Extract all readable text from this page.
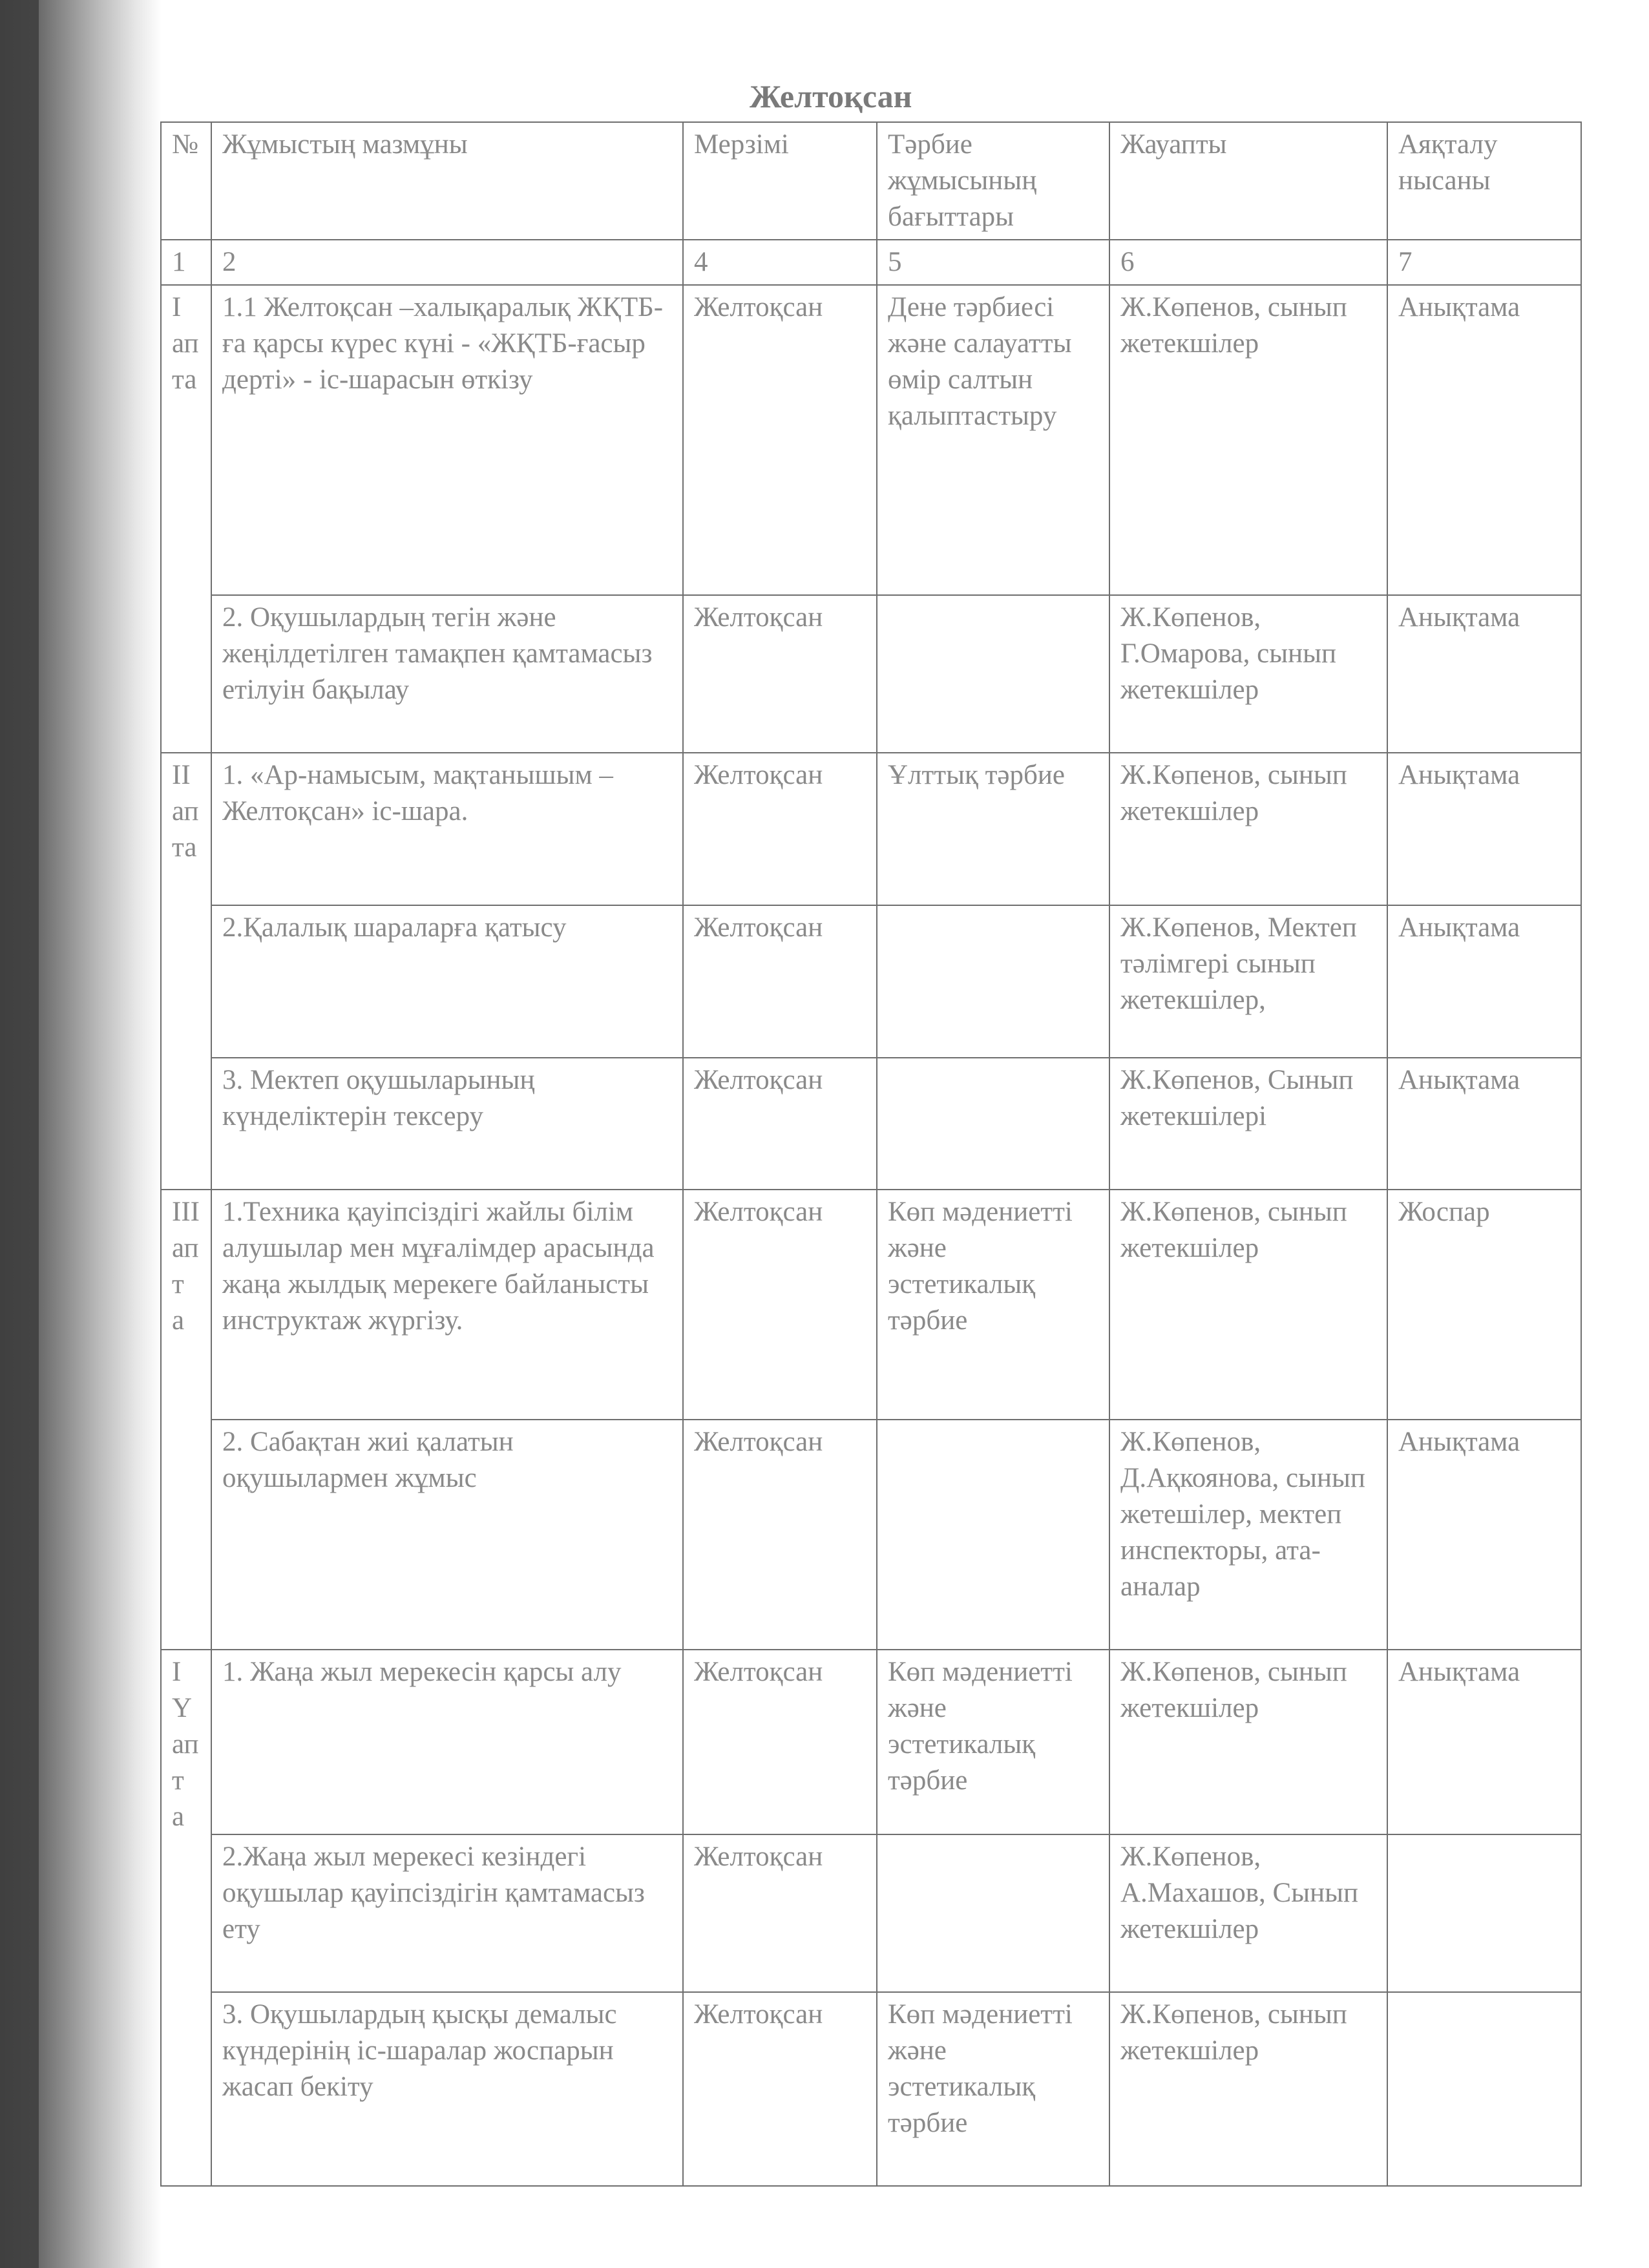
Желтоқсан
№	Жұмыстың мазмұны	Мерзімі	Тәрбие жұмысының бағыттары	Жауапты	Аяқталу нысаны
1	2	4	5	6	7
I апта	1.1 Желтоқсан –халықаралық ЖҚТБ-ға қарсы күрес күні - «ЖҚТБ-ғасыр дерті» - іс-шарасын өткізу	Желтоқсан	Дене тәрбиесі және салауатты өмір салтын қалыптастыру	Ж.Көпенов, сынып жетекшілер	Анықтама
	2. Оқушылардың тегін және жеңілдетілген тамақпен қамтамасыз етілуін бақылау	Желтоқсан		Ж.Көпенов, Г.Омарова, сынып жетекшілер	Анықтама
II апта	1. «Ар-намысым, мақтанышым – Желтоқсан» іс-шара.	Желтоқсан	Ұлттық тәрбие	Ж.Көпенов, сынып жетекшілер	Анықтама
	2.Қалалық шараларға қатысу	Желтоқсан		Ж.Көпенов, Мектеп тәлімгері сынып жетекшілер,	Анықтама
	3. Мектеп оқушыларының күнделіктерін тексеру	Желтоқсан		Ж.Көпенов, Сынып жетекшілері	Анықтама
III апт а	1.Техника қауіпсіздігі жайлы білім алушылар мен мұғалімдер арасында жаңа жылдық мерекеге байланысты инструктаж жүргізу.	Желтоқсан	Көп мәдениетті және эстетикалық тәрбие	Ж.Көпенов, сынып жетекшілер	Жоспар
	2. Сабақтан жиі қалатын оқушылармен жұмыс	Желтоқсан		Ж.Көпенов, Д.Ақкоянова, сынып жетешілер, мектеп инспекторы, ата-аналар	Анықтама
IY апт а	1. Жаңа жыл мерекесін қарсы алу	Желтоқсан	Көп мәдениетті және эстетикалық тәрбие	Ж.Көпенов, сынып жетекшілер	Анықтама
	2.Жаңа жыл мерекесі кезіндегі оқушылар қауіпсіздігін қамтамасыз ету	Желтоқсан		Ж.Көпенов, А.Махашов, Сынып жетекшілер	
	3. Оқушылардың қысқы демалыс күндерінің іс-шаралар жоспарын жасап бекіту	Желтоқсан	Көп мәдениетті және эстетикалық тәрбие	Ж.Көпенов, сынып жетекшілер	
